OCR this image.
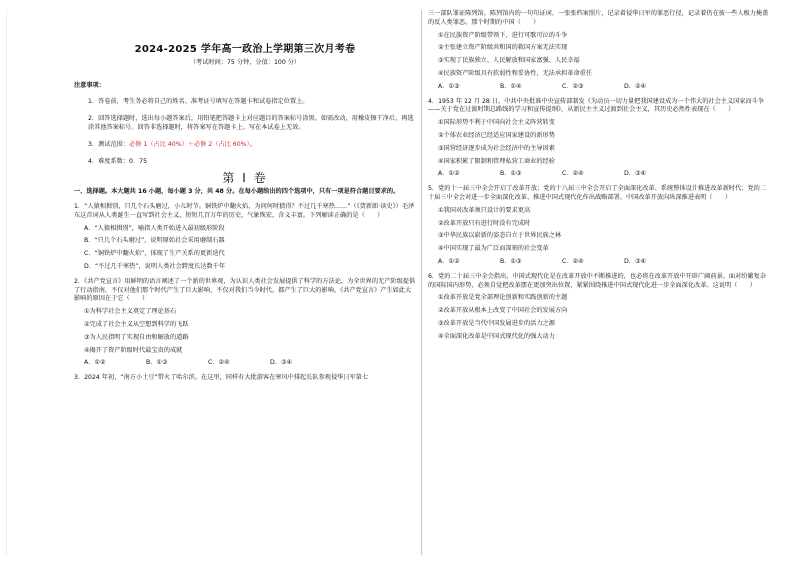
2024-2025 学年高一政治上学期第三次月考卷
（考试时间：75 分钟，分值：100 分）
注意事项：
1．答卷前，考生务必将自己的姓名、准考证号填写在答题卡和试卷指定位置上。
2．回答选择题时，选出每小题答案后，用铅笔把答题卡上对应题目的答案标号涂黑。如需改动，用橡皮擦干净后，再选涂其他答案标号。回答非选择题时，将答案写在答题卡上。写在本试卷上无效。
3．测试范围：必修 1（占比 40%）＋必修 2（占比 60%）。
4．难度系数：0．75
第 Ⅰ 卷
一、选择题。本大题共 16 小题，每小题 3 分，共 48 分。在每小题给出的四个选项中，只有一项是符合题目要求的。
1．“人猿相揖别，只几个石头磨过，小儿时节。铜铁炉中翻火焰，为问何时猜得？不过几千寒热……”（《贺新郎·读史》）毛泽东这首词从人类诞生一直写到社会主义，短短几百万年的历史，气象恢宏，含义丰富。下列解读正确的是（　　）
A．“人猿相揖别”，喻指人类开始进入最初级形阶段
B．“只几个石头磨过”，说明原始社会采用磨制石器
C．“铜铁炉中翻火焰”，体现了生产关系的更新迭代
D．“不过几千寒热”，说明人类社会跨度长达数千年
2．《共产党宣言》用鲜明的语言阐述了一个新的世界观，为认识人类社会发展提供了科学的方法论，为全世界的无产阶级提供了行动指南，不仅对他们那个时代产生了巨大影响，不仅对我们当今时代，都产生了巨大的影响。《共产党宣言》产生如此大影响的原因在于它（　　）
①为科学社会主义奠定了理论基石
②完成了社会主义从空想到科学的飞跃
③为人民指明了实现自由和解放的道路
④揭开了资产阶级时代最宝贵的成就
A．①②	B．①③	C．②④	D．③④
3．2024 年初，“南方小土豆”带火了哈尔滨。在这里，同样有大批游客在寒风中排起长队参观侵华日军第七
三一部队罪证陈列馆。陈列馆内的一句句证词、一张张档案照片，记录着侵华日军的罪恶行径，记录着仍在彼一些人极力掩盖的反人类罪恶。那个时期的中国（　　）
①在民族资产阶级带领下，进行可歌可泣的斗争
②主张建立资产阶级共和国的救国方案无法实现
③实现了民族独立、人民解放和国家富强、人民幸福
④民族资产阶级具有软弱性和妥协性，无法承担革命重任
A．①③	B．①④	C．②③	D．②④
4．1953 年 12 月 28 日，中共中央批准中央宣传部制发《为动员一切力量把我国建设成为一个伟大的社会主义国家而斗争——关于党在过渡时期总路线的学习和宣传提纲》，从新民主主义过渡到社会主义，其历史必然性表现在（　　）
①国际形势不利于中国向社会主义阵营转变
②个体农业经济已经适应国家建设的新形势
③国营经济逐步成为社会经济中的主导因素
④国家积累了限制和管理私营工商业的经验
A．①②	B．①③	C．②④	D．③④
5．党的十一届三中全会开启了改革开放；党的十八届三中全会开启了全面深化改革、系统整体设计推进改革新时代；党的二十届三中全会对进一步全面深化改革、推进中国式现代化作出战略部署。中国改革开放向纵深推进表明（　　）
①我国对改革须只设计的要求更高
②改革开放只有进行时没有完成时
③中华民族以崭新的姿态自立于世界民族之林
④中国实现了最为广泛而深刻的社会变革
A．①②	B．①③	C．②④	D．③④
6．党的二十届三中全会指出，中国式现代化是在改革开放中不断推进的，也必将在改革开放中开辟广阔前景。面对纷繁复杂的国际国内形势，必须自觉把改革摆在更加突出位置，紧紧围绕推进中国式现代化进一步全面深化改革。这说明（　　）
①改革开放是党全部理论创新和实践创新的主题
②改革开放从根本上改变了中国社会的发展方向
③改革开放是当代中国发展进步的活力之源
④全面深化改革是中国式现代化的强大动力
